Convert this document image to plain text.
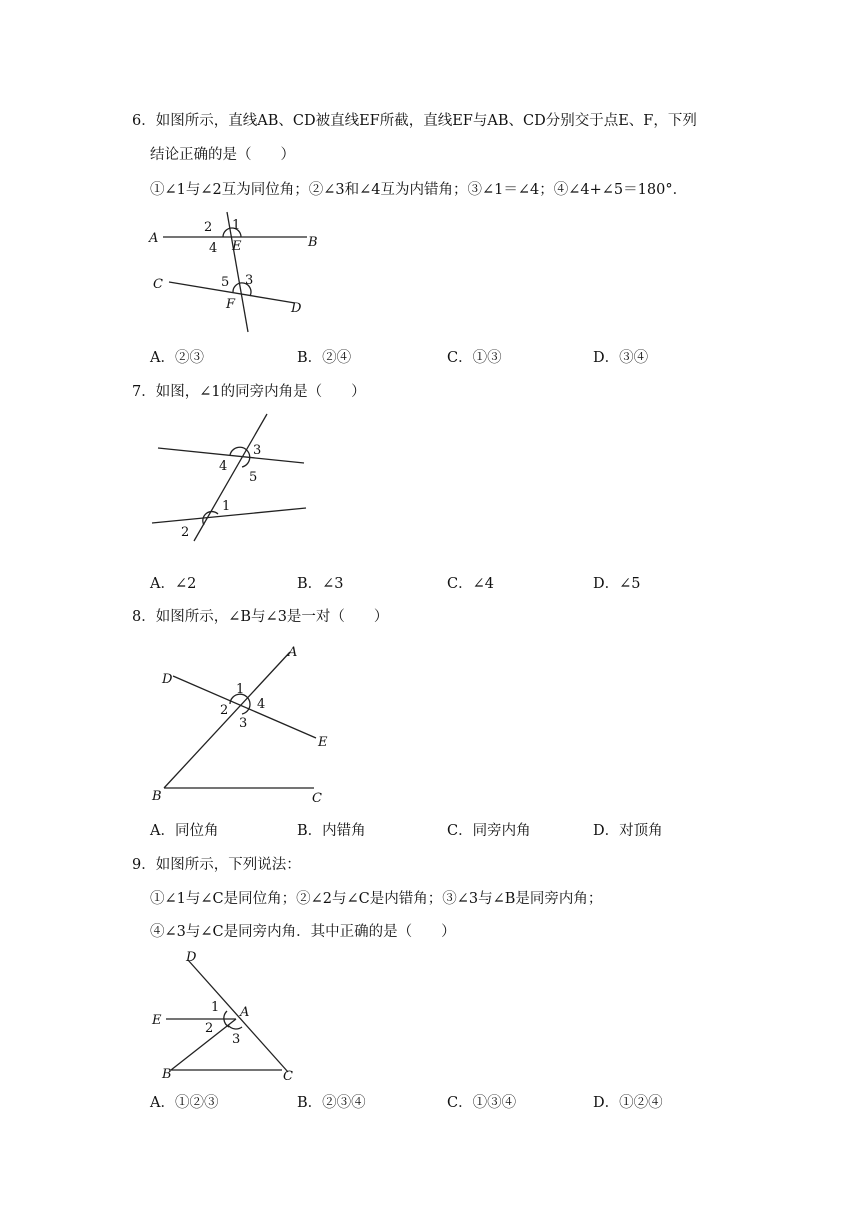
6．如图所示，直线AB、CD被直线EF所截，直线EF与AB、CD分别交于点E、F，下列
结论正确的是（　　）
①∠1与∠2互为同位角；②∠3和∠4互为内错角；③∠1＝∠4；④∠4+∠5＝180°．
A	B
C
D
E
F
1
2
3
4
5
A．②③	B．②④	C．①③	D．③④
7．如图，∠1的同旁内角是（　　）
3
4
5
1
2
A．∠2	B．∠3	C．∠4	D．∠5
8．如图所示，∠B与∠3是一对（　　）
A
D
E
B	C
1
2
3
4
A．同位角	B．内错角	C．同旁内角	D．对顶角
9．如图所示，下列说法：
①∠1与∠C是同位角；②∠2与∠C是内错角；③∠3与∠B是同旁内角；
④∠3与∠C是同旁内角．其中正确的是（　　）
D
E
A
B	C
1
2
3
A．①②③	B．②③④	C．①③④	D．①②④
